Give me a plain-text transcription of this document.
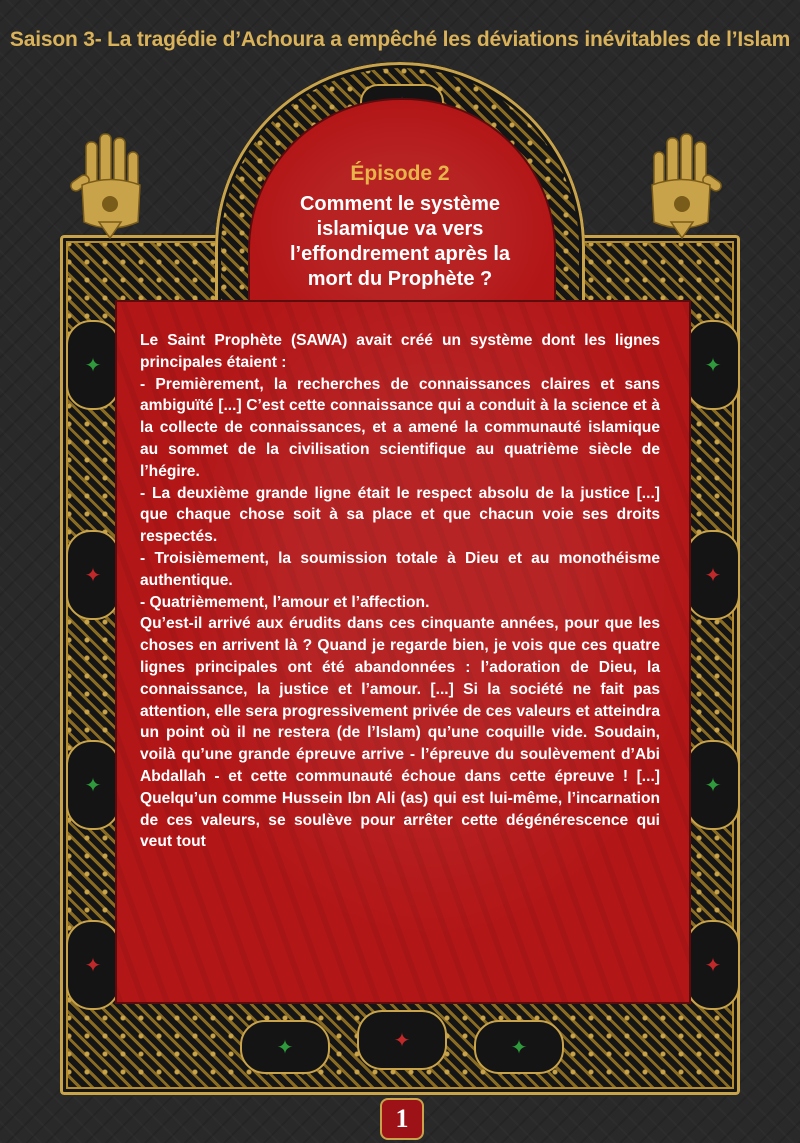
Saison 3- La tragédie d’Achoura a empêché les déviations inévitables de l’Islam
✦
✦
✦
✦
✦
✦
✦
✦
✦	✦
✦
Épisode 2
Comment le système islamique va vers l’effondrement après la mort du Prophète ?

Le Saint Prophète (SAWA) avait créé un système dont les lignes principales étaient :

- Premièrement, la recherches de connaissances claires et sans ambiguïté [...] C’est cette connaissance qui a conduit à la science et à la collecte de connaissances, et a amené la communauté islamique au sommet de la civilisation scientifique au quatrième siècle de l’hégire.

- La deuxième grande ligne était le respect absolu de la justice [...] que chaque chose soit à sa place et que chacun voie ses droits respectés.

- Troisièmement, la soumission totale à Dieu et au monothéisme authentique.

- Quatrièmement, l’amour et l’affection.

Qu’est-il arrivé aux érudits dans ces cinquante années, pour que les choses en arrivent là ? Quand je regarde bien, je vois que ces quatre lignes principales ont été abandonnées : l’adoration de Dieu, la connaissance, la justice et l’amour. [...] Si la société ne fait pas attention, elle sera progressivement privée de ces valeurs et atteindra un point où il ne restera (de l’Islam) qu’une coquille vide. Soudain, voilà qu’une grande épreuve arrive - l’épreuve du soulèvement d’Abi Abdallah - et cette communauté échoue dans cette épreuve ! [...] Quelqu’un comme Hussein Ibn Ali (as) qui est lui-même, l’incarnation de ces valeurs, se soulève pour arrêter cette dégénérescence qui veut tout

1
